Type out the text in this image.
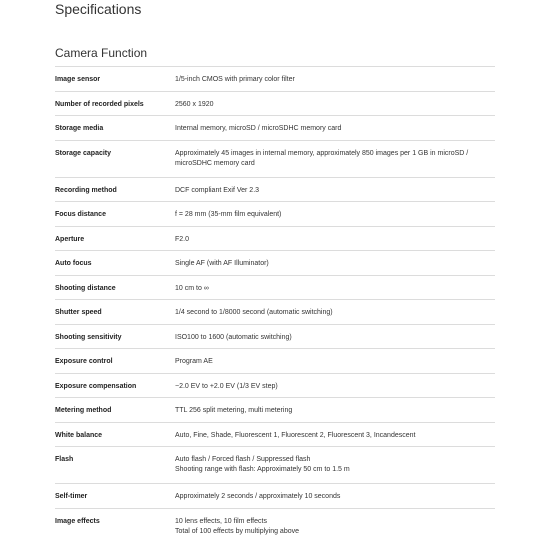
Specifications
Camera Function
Image sensor	1/5-inch CMOS with primary color filter
Number of recorded pixels	2560 x 1920
Storage media	Internal memory, microSD / microSDHC memory card
Storage capacity	Approximately 45 images in internal memory, approximately 850 images per 1 GB in microSD /
microSDHC memory card
Recording method	DCF compliant Exif Ver 2.3
Focus distance	f = 28 mm (35-mm film equivalent)
Aperture	F2.0
Auto focus	Single AF (with AF Illuminator)
Shooting distance	10 cm to ∞
Shutter speed	1/4 second to 1/8000 second (automatic switching)
Shooting sensitivity	ISO100 to 1600 (automatic switching)
Exposure control	Program AE
Exposure compensation	−2.0 EV to +2.0 EV (1/3 EV step)
Metering method	TTL 256 split metering, multi metering
White balance	Auto, Fine, Shade, Fluorescent 1, Fluorescent 2, Fluorescent 3, Incandescent
Flash	Auto flash / Forced flash / Suppressed flash
Shooting range with flash: Approximately 50 cm to 1.5 m
Self-timer	Approximately 2 seconds / approximately 10 seconds
Image effects	10 lens effects, 10 film effects
Total of 100 effects by multiplying above
